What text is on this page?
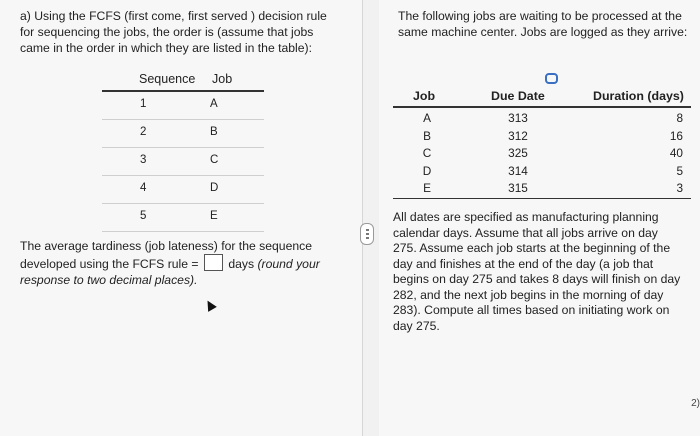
a) Using the FCFS (first come, first served ) decision rule for sequencing the jobs, the order is (assume that jobs came in the order in which they are listed in the table):
Sequence Job
1	A
2	B
3	C
4	D
5	E
The average tardiness (job lateness) for the sequence developed using the FCFS rule = days (round your response to two decimal places).
The following jobs are waiting to be processed at the same machine center. Jobs are logged as they arrive:
Job	Due Date	Duration (days)
A	313	8
B	312	16
C	325	40
D	314	5
E	315	3
All dates are specified as manufacturing planning calendar days. Assume that all jobs arrive on day 275. Assume each job starts at the beginning of the day and finishes at the end of the day (a job that begins on day 275 and takes 8 days will finish on day 282, and the next job begins in the morning of day 283). Compute all times based on initiating work on day 275.
2)
